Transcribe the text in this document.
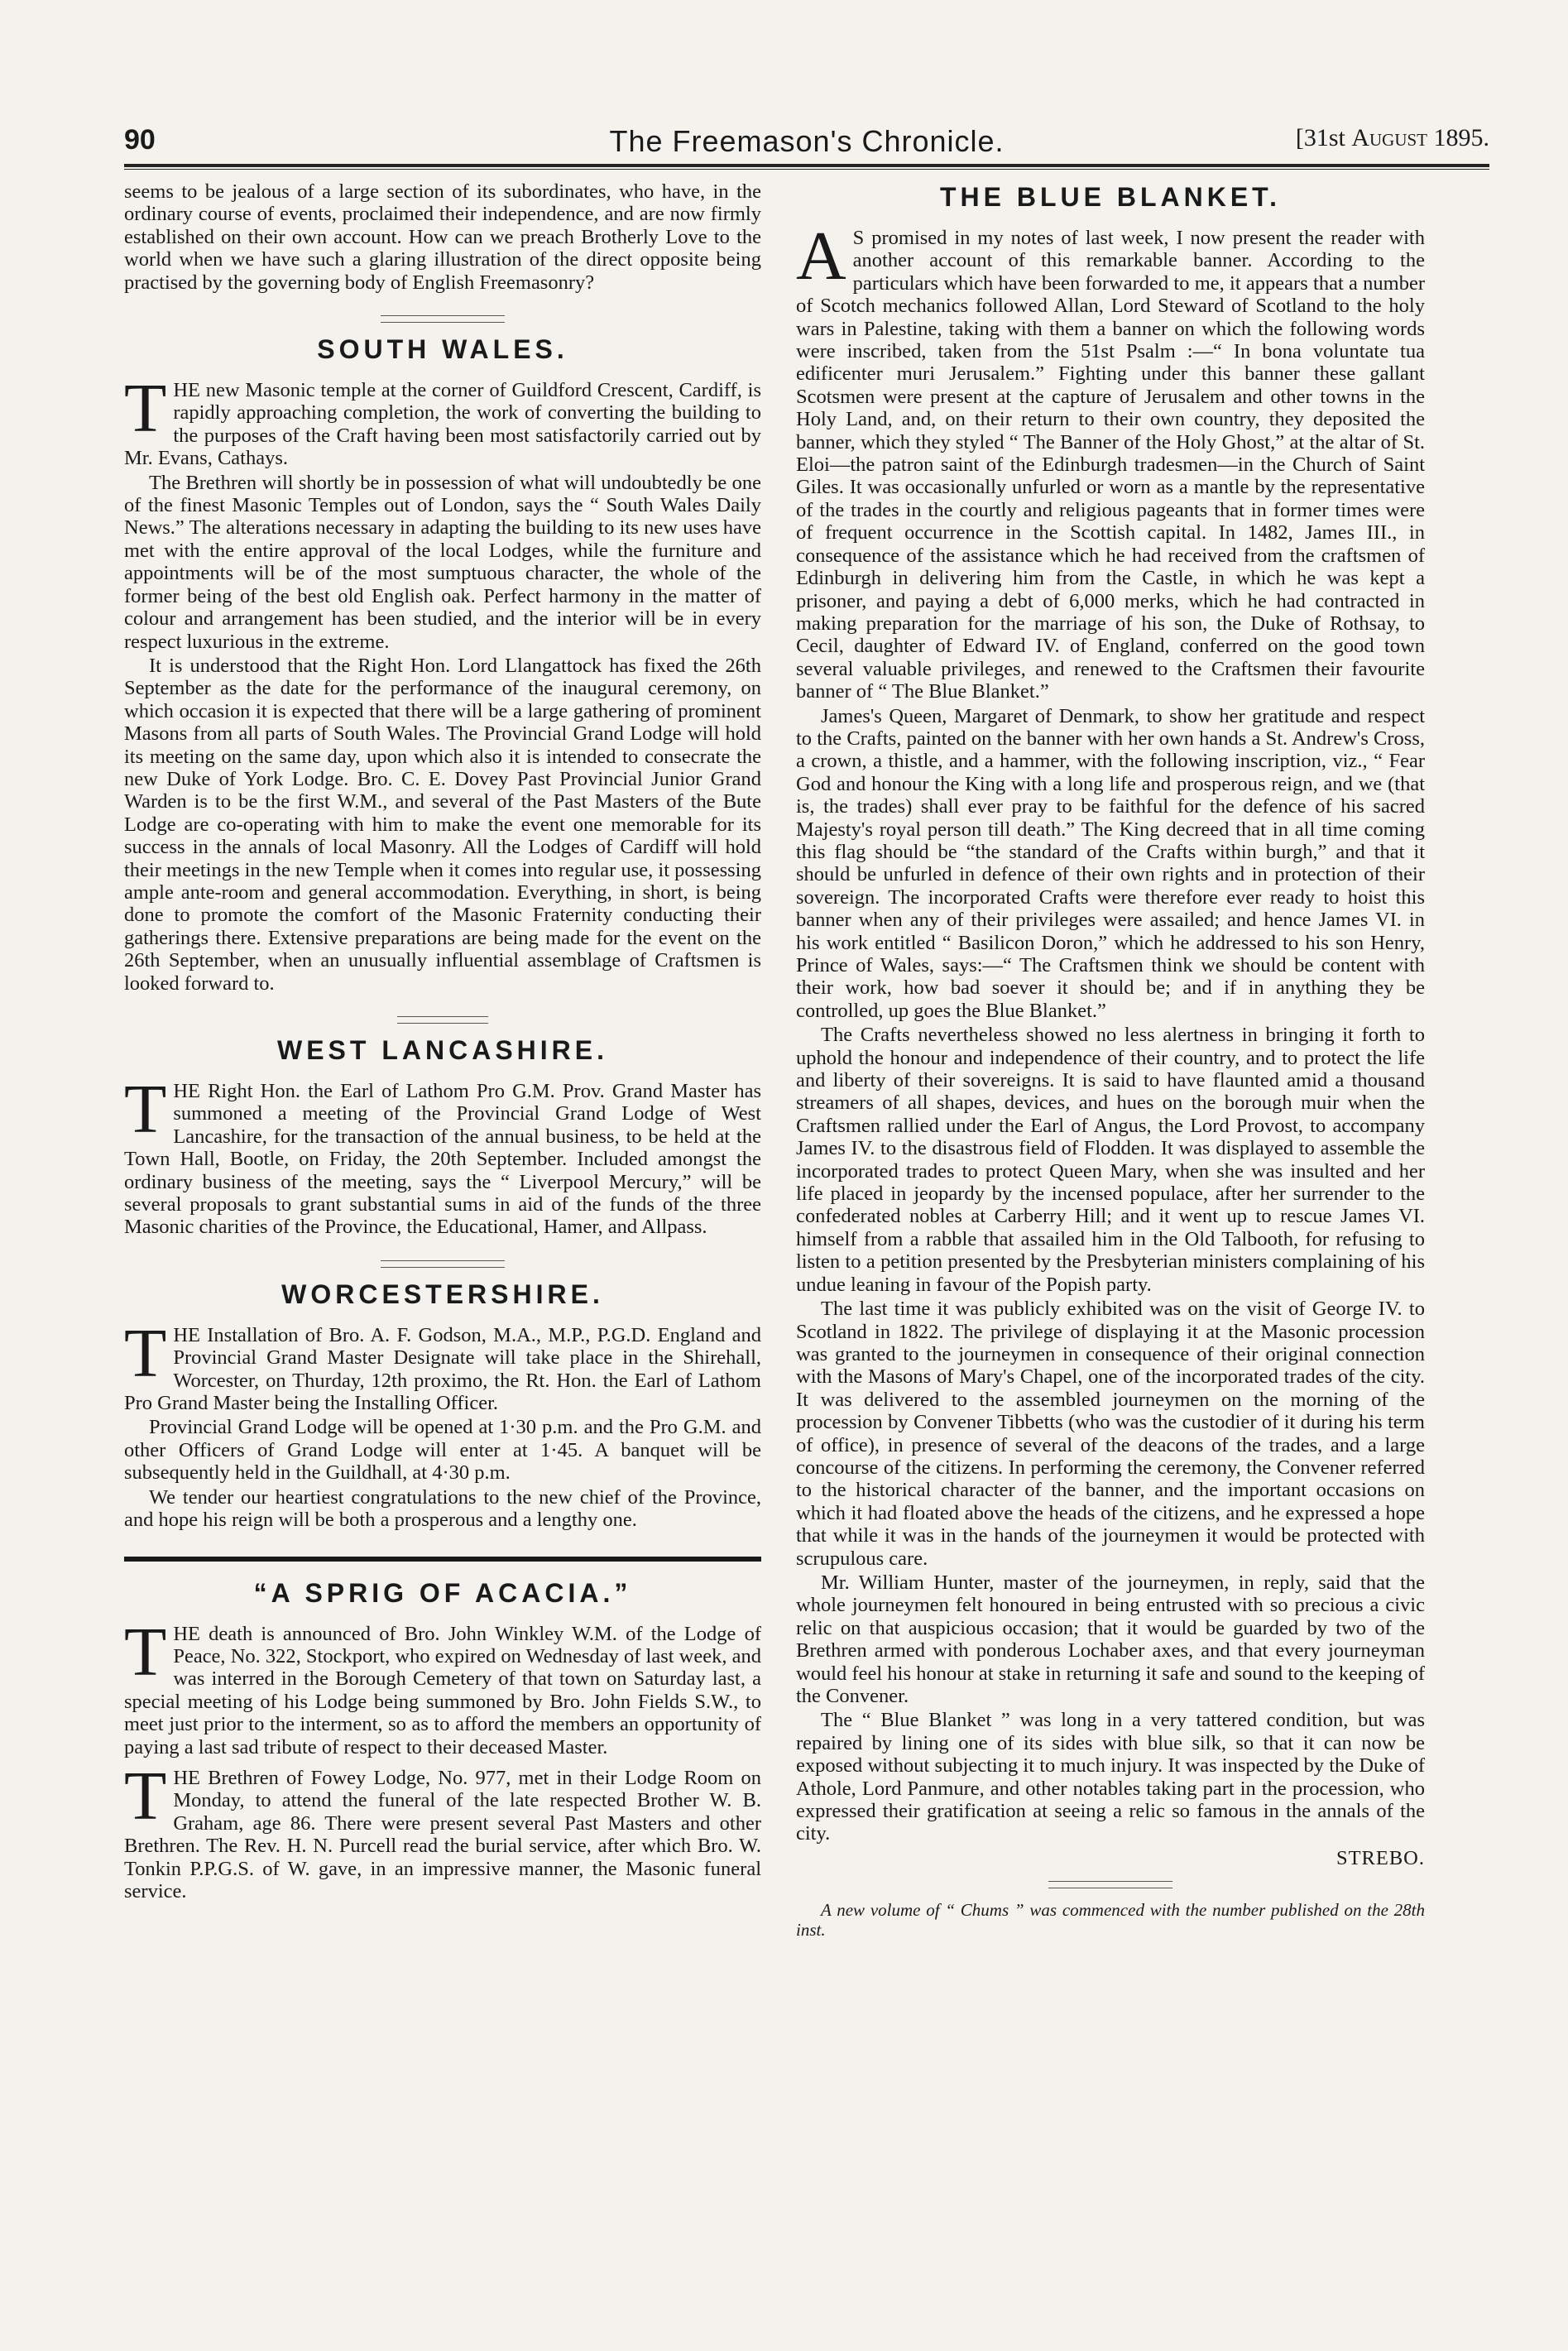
90	The Freemason's Chronicle.	[31st August 1895.

seems to be jealous of a large section of its subordinates, who have, in the ordinary course of events, proclaimed their independence, and are now firmly established on their own account. How can we preach Brotherly Love to the world when we have such a glaring illustration of the direct opposite being practised by the governing body of English Freemasonry?

SOUTH WALES.

THE new Masonic temple at the corner of Guildford Crescent, Cardiff, is rapidly approaching completion, the work of converting the building to the purposes of the Craft having been most satisfactorily carried out by Mr. Evans, Cathays.

The Brethren will shortly be in possession of what will undoubtedly be one of the finest Masonic Temples out of London, says the “ South Wales Daily News.” The alterations necessary in adapting the building to its new uses have met with the entire approval of the local Lodges, while the furniture and appointments will be of the most sumptuous character, the whole of the former being of the best old English oak. Perfect harmony in the matter of colour and arrangement has been studied, and the interior will be in every respect luxurious in the extreme.

It is understood that the Right Hon. Lord Llangattock has fixed the 26th September as the date for the performance of the inaugural ceremony, on which occasion it is expected that there will be a large gathering of prominent Masons from all parts of South Wales. The Provincial Grand Lodge will hold its meeting on the same day, upon which also it is intended to consecrate the new Duke of York Lodge. Bro. C. E. Dovey Past Provincial Junior Grand Warden is to be the first W.M., and several of the Past Masters of the Bute Lodge are co-operating with him to make the event one memorable for its success in the annals of local Masonry. All the Lodges of Cardiff will hold their meetings in the new Temple when it comes into regular use, it possessing ample ante-room and general accommodation. Everything, in short, is being done to promote the comfort of the Masonic Fraternity conducting their gatherings there. Extensive preparations are being made for the event on the 26th September, when an unusually influential assemblage of Craftsmen is looked forward to.

WEST LANCASHIRE.

THE Right Hon. the Earl of Lathom Pro G.M. Prov. Grand Master has summoned a meeting of the Provincial Grand Lodge of West Lancashire, for the transaction of the annual business, to be held at the Town Hall, Bootle, on Friday, the 20th September. Included amongst the ordinary business of the meeting, says the “ Liverpool Mercury,” will be several proposals to grant substantial sums in aid of the funds of the three Masonic charities of the Province, the Educational, Hamer, and Allpass.

WORCESTERSHIRE.

THE Installation of Bro. A. F. Godson, M.A., M.P., P.G.D. England and Provincial Grand Master Designate will take place in the Shirehall, Worcester, on Thurday, 12th proximo, the Rt. Hon. the Earl of Lathom Pro Grand Master being the Installing Officer.

Provincial Grand Lodge will be opened at 1·30 p.m. and the Pro G.M. and other Officers of Grand Lodge will enter at 1·45. A banquet will be subsequently held in the Guildhall, at 4·30 p.m.

We tender our heartiest congratulations to the new chief of the Province, and hope his reign will be both a prosperous and a lengthy one.

“A SPRIG OF ACACIA.”

THE death is announced of Bro. John Winkley W.M. of the Lodge of Peace, No. 322, Stockport, who expired on Wednesday of last week, and was interred in the Borough Cemetery of that town on Saturday last, a special meeting of his Lodge being summoned by Bro. John Fields S.W., to meet just prior to the interment, so as to afford the members an opportunity of paying a last sad tribute of respect to their deceased Master.

THE Brethren of Fowey Lodge, No. 977, met in their Lodge Room on Monday, to attend the funeral of the late respected Brother W. B. Graham, age 86. There were present several Past Masters and other Brethren. The Rev. H. N. Purcell read the burial service, after which Bro. W. Tonkin P.P.G.S. of W. gave, in an impressive manner, the Masonic funeral service.

THE BLUE BLANKET.

A S promised in my notes of last week, I now present the reader with another account of this remarkable banner. According to the particulars which have been forwarded to me, it appears that a number of Scotch mechanics followed Allan, Lord Steward of Scotland to the holy wars in Palestine, taking with them a banner on which the following words were inscribed, taken from the 51st Psalm :—“ In bona voluntate tua edificenter muri Jerusalem.” Fighting under this banner these gallant Scotsmen were present at the capture of Jerusalem and other towns in the Holy Land, and, on their return to their own country, they deposited the banner, which they styled “ The Banner of the Holy Ghost,” at the altar of St. Eloi—the patron saint of the Edinburgh tradesmen—in the Church of Saint Giles. It was occasionally unfurled or worn as a mantle by the representative of the trades in the courtly and religious pageants that in former times were of frequent occurrence in the Scottish capital. In 1482, James III., in consequence of the assistance which he had received from the craftsmen of Edinburgh in delivering him from the Castle, in which he was kept a prisoner, and paying a debt of 6,000 merks, which he had contracted in making preparation for the marriage of his son, the Duke of Rothsay, to Cecil, daughter of Edward IV. of England, conferred on the good town several valuable privileges, and renewed to the Craftsmen their favourite banner of “ The Blue Blanket.”

James's Queen, Margaret of Denmark, to show her gratitude and respect to the Crafts, painted on the banner with her own hands a St. Andrew's Cross, a crown, a thistle, and a hammer, with the following inscription, viz., “ Fear God and honour the King with a long life and prosperous reign, and we (that is, the trades) shall ever pray to be faithful for the defence of his sacred Majesty's royal person till death.” The King decreed that in all time coming this flag should be “the standard of the Crafts within burgh,” and that it should be unfurled in defence of their own rights and in protection of their sovereign. The incorporated Crafts were therefore ever ready to hoist this banner when any of their privileges were assailed; and hence James VI. in his work entitled “ Basilicon Doron,” which he addressed to his son Henry, Prince of Wales, says:—“ The Craftsmen think we should be content with their work, how bad soever it should be; and if in anything they be controlled, up goes the Blue Blanket.”

The Crafts nevertheless showed no less alertness in bringing it forth to uphold the honour and independence of their country, and to protect the life and liberty of their sovereigns. It is said to have flaunted amid a thousand streamers of all shapes, devices, and hues on the borough muir when the Craftsmen rallied under the Earl of Angus, the Lord Provost, to accompany James IV. to the disastrous field of Flodden. It was displayed to assemble the incorporated trades to protect Queen Mary, when she was insulted and her life placed in jeopardy by the incensed populace, after her surrender to the confederated nobles at Carberry Hill; and it went up to rescue James VI. himself from a rabble that assailed him in the Old Talbooth, for refusing to listen to a petition presented by the Presbyterian ministers complaining of his undue leaning in favour of the Popish party.

The last time it was publicly exhibited was on the visit of George IV. to Scotland in 1822. The privilege of displaying it at the Masonic procession was granted to the journeymen in consequence of their original connection with the Masons of Mary's Chapel, one of the incorporated trades of the city. It was delivered to the assembled journeymen on the morning of the procession by Convener Tibbetts (who was the custodier of it during his term of office), in presence of several of the deacons of the trades, and a large concourse of the citizens. In performing the ceremony, the Convener referred to the historical character of the banner, and the important occasions on which it had floated above the heads of the citizens, and he expressed a hope that while it was in the hands of the journeymen it would be protected with scrupulous care.

Mr. William Hunter, master of the journeymen, in reply, said that the whole journeymen felt honoured in being entrusted with so precious a civic relic on that auspicious occasion; that it would be guarded by two of the Brethren armed with ponderous Lochaber axes, and that every journeyman would feel his honour at stake in returning it safe and sound to the keeping of the Convener.

The “ Blue Blanket ” was long in a very tattered condition, but was repaired by lining one of its sides with blue silk, so that it can now be exposed without subjecting it to much injury. It was inspected by the Duke of Athole, Lord Panmure, and other notables taking part in the procession, who expressed their gratification at seeing a relic so famous in the annals of the city.

STREBO.

A new volume of “ Chums ” was commenced with the number published on the 28th inst.
